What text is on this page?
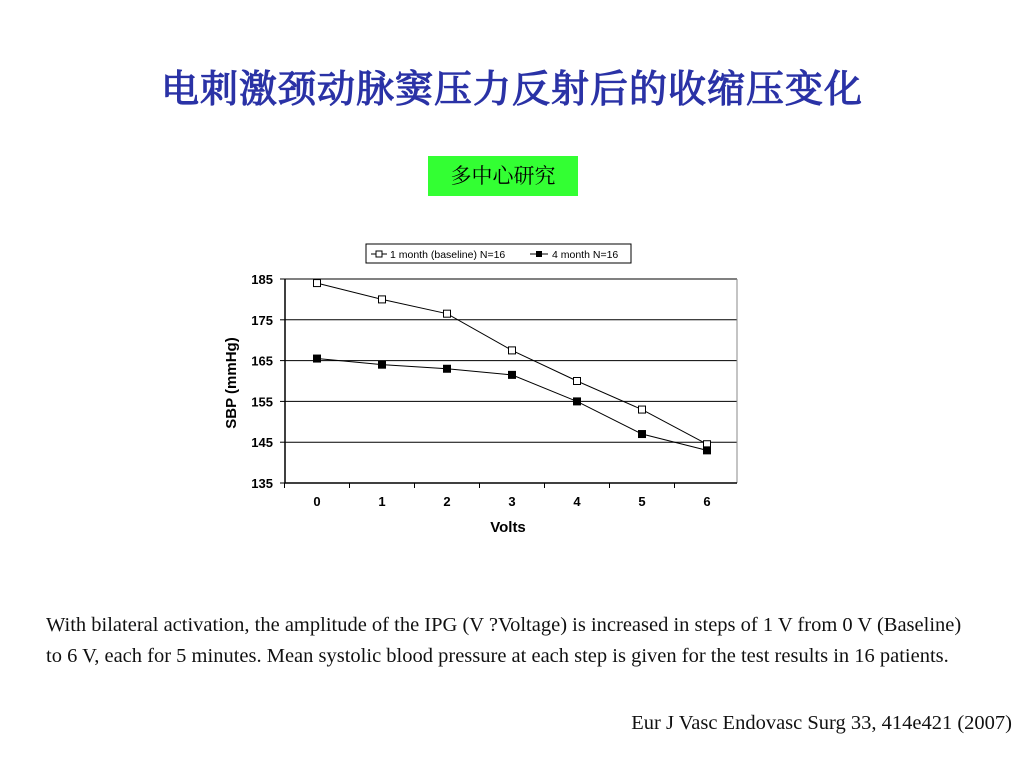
电刺激颈动脉窦压力反射后的收缩压变化
多中心研究
1 month (baseline) N=16	4 month N=16
135
145
155
165
175
185
0	1	2	3	4	5	6
Volts
SBP (mmHg)
With bilateral activation, the amplitude of the IPG (V ?Voltage) is increased in steps of 1 V from 0 V (Baseline) to 6 V, each for 5 minutes. Mean systolic blood pressure at each step is given for the test results in 16 patients.
Eur J Vasc Endovasc Surg 33, 414e421 (2007)
